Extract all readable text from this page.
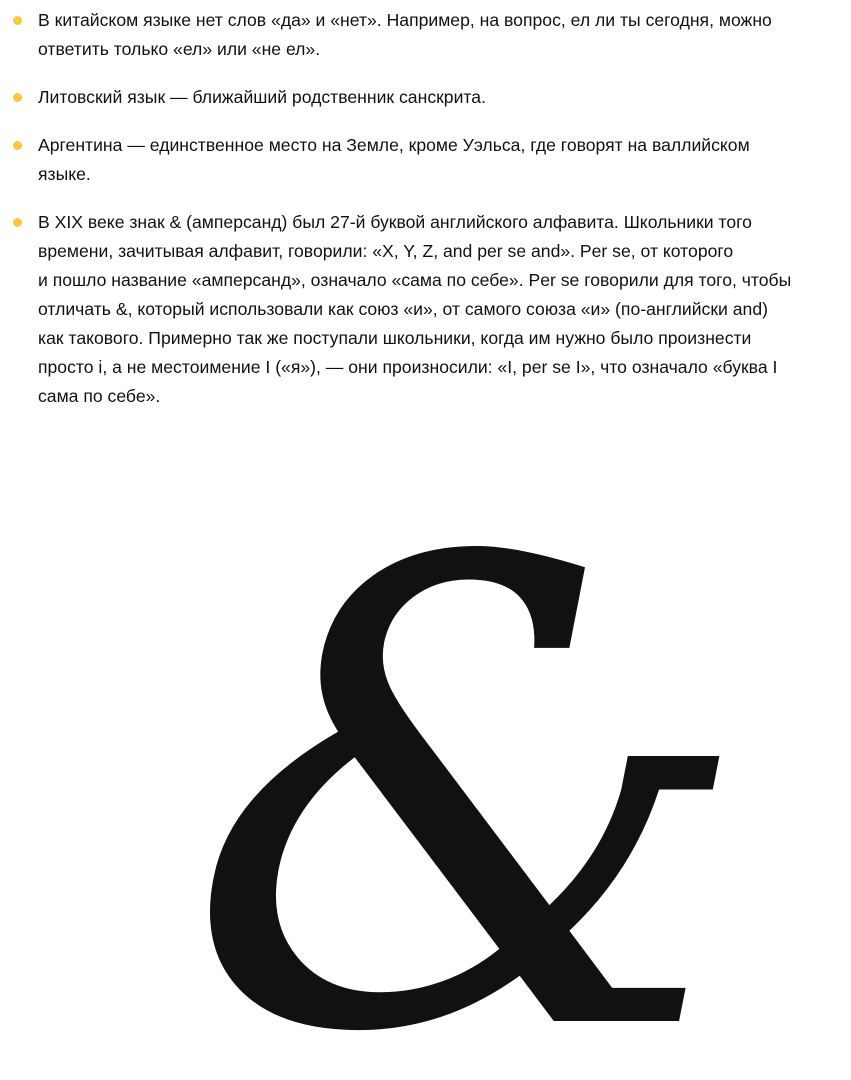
В китайском языке нет слов «да» и «нет». Например, на вопрос, ел ли ты сегодня, можно
ответить только «ел» или «не ел».
Литовский язык — ближайший родственник санскрита.
Аргентина — единственное место на Земле, кроме Уэльса, где говорят на валлийском
языке.
В XIX веке знак & (амперсанд) был 27-й буквой английского алфавита. Школьники того
времени, зачитывая алфавит, говорили: «X, Y, Z, and per se and». Per se, от которого
и пошло название «амперсанд», означало «сама по себе». Per se говорили для того, чтобы
отличать &, который использовали как союз «и», от самого союза «и» (по-английски and)
как такового. Примерно так же поступали школьники, когда им нужно было произнести
просто i, а не местоимение I («я»), — они произносили: «I, per se I», что означало «буква I
сама по себе».
&
